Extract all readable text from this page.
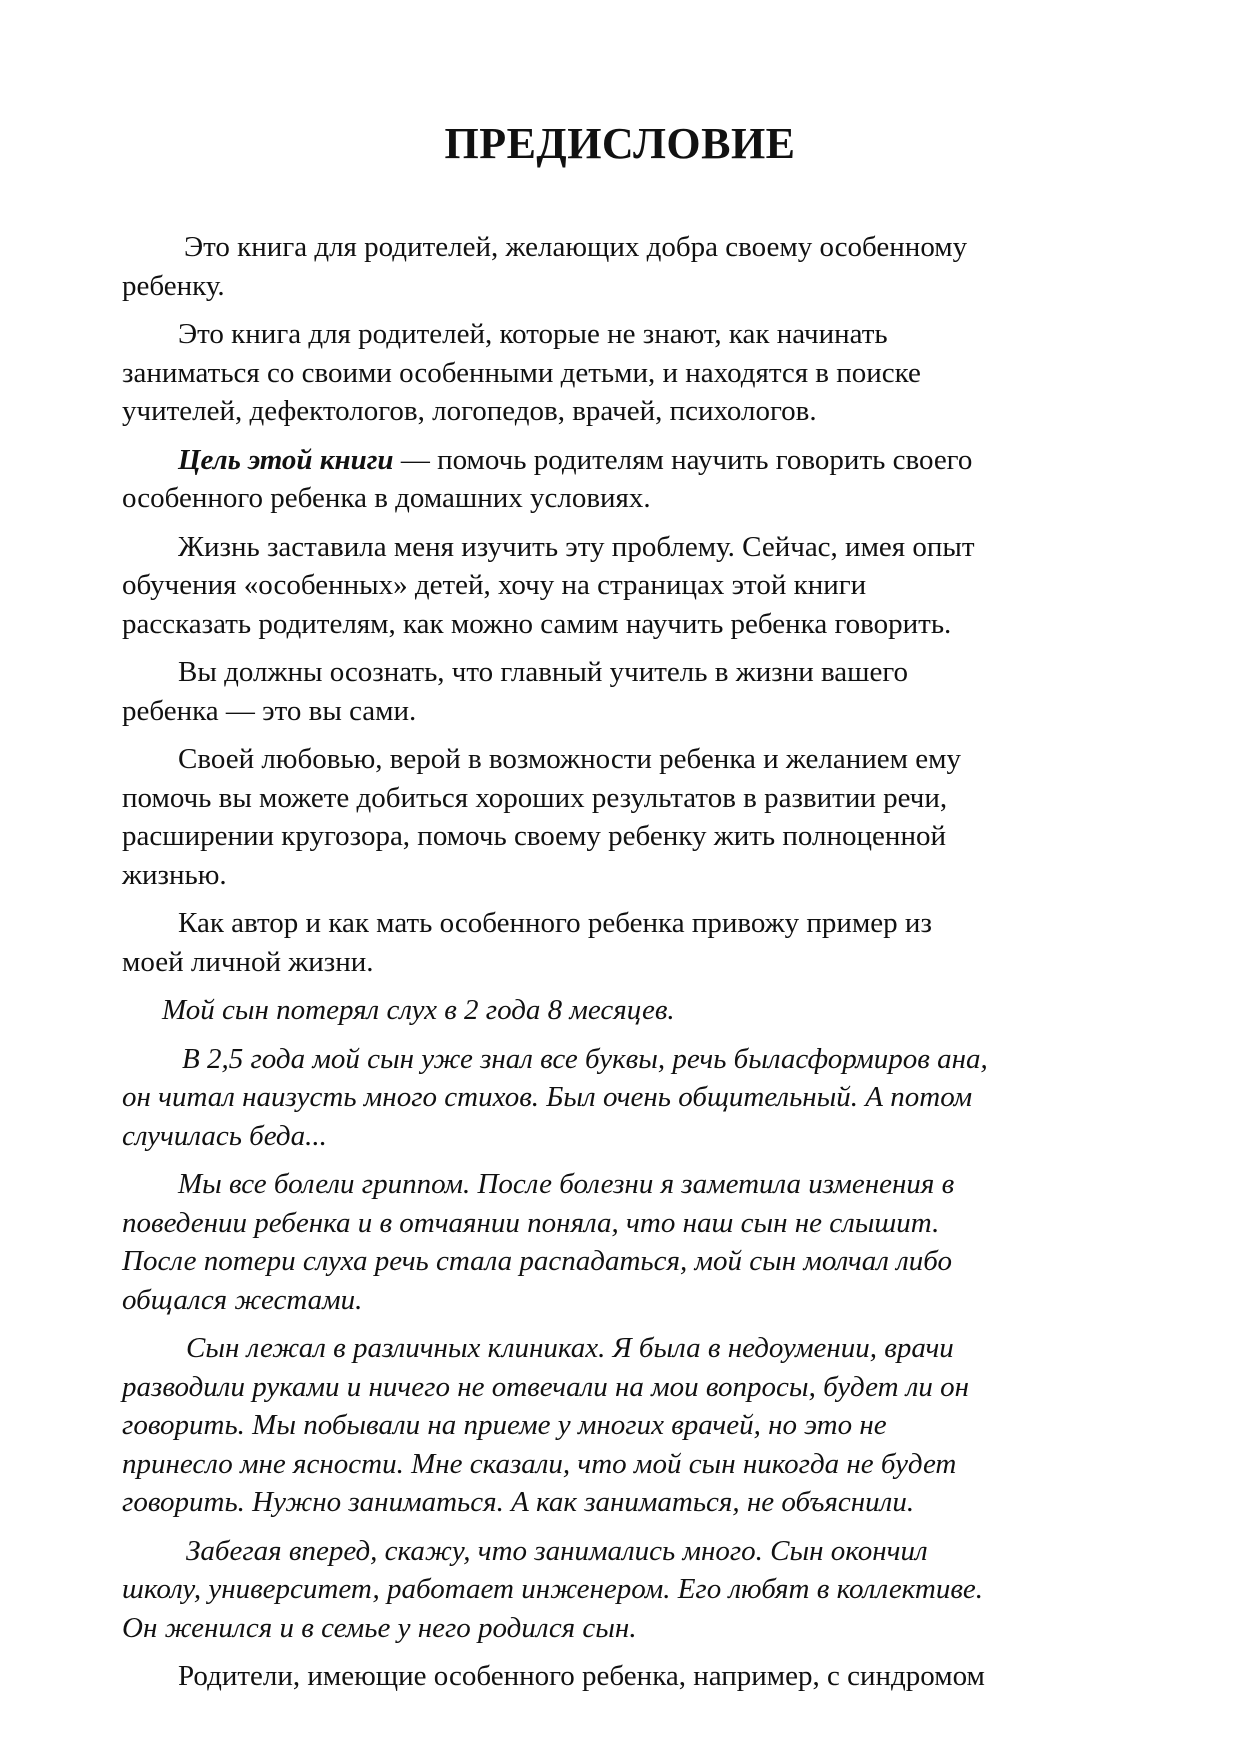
ПРЕДИСЛОВИЕ

Это книга для родителей, желающих добра своему особенному
ребенку.

Это книга для родителей, которые не знают, как начинать
заниматься со своими особенными детьми, и находятся в поиске
учителей, дефектологов, логопедов, врачей, психологов.

Цель этой книги — помочь родителям научить говорить своего
особенного ребенка в домашних условиях.

Жизнь заставила меня изучить эту проблему. Сейчас, имея опыт
обучения «особенных» детей, хочу на страницах этой книги
рассказать родителям, как можно самим научить ребенка говорить.

Вы должны осознать, что главный учитель в жизни вашего
ребенка — это вы сами.

Своей любовью, верой в возможности ребенка и желанием ему
помочь вы можете добиться хороших результатов в развитии речи,
расширении кругозора, помочь своему ребенку жить полноценной
жизнью.

Как автор и как мать особенного ребенка привожу пример из
моей личной жизни.

Мой сын потерял слух в 2 года 8 месяцев.

В 2,5 года мой сын уже знал все буквы, речь быласформиров ана,
он читал наизусть много стихов. Был очень общительный. А потом
случилась беда...

Мы все болели гриппом. После болезни я заметила изменения в
поведении ребенка и в отчаянии поняла, что наш сын не слышит.
После потери слуха речь стала распадаться, мой сын молчал либо
общался жестами.

Сын лежал в различных клиниках. Я была в недоумении, врачи
разводили руками и ничего не отвечали на мои вопросы, будет ли он
говорить. Мы побывали на приеме у многих врачей, но это не
принесло мне ясности. Мне сказали, что мой сын никогда не будет
говорить. Нужно заниматься. А как заниматься, не объяснили.

Забегая вперед, скажу, что занимались много. Сын окончил
школу, университет, работает инженером. Его любят в коллективе.
Он женился и в семье у него родился сын.

Родители, имеющие особенного ребенка, например, с синдромом
